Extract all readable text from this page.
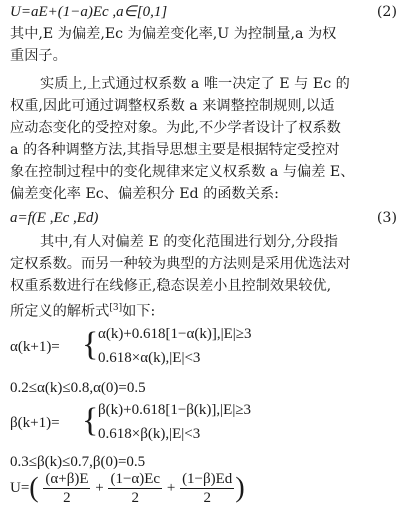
U=aE+(1−a)Ec ,a∈[0,1]	(2)
其中,E 为偏差,Ec 为偏差变化率,U 为控制量,a 为权
重因子。
实质上,上式通过权系数 a 唯一决定了 E 与 Ec 的
权重,因此可通过调整权系数 a 来调整控制规则,以适
应动态变化的受控对象。为此,不少学者设计了权系数
a 的各种调整方法,其指导思想主要是根据特定受控对
象在控制过程中的变化规律来定义权系数 a 与偏差 E、
偏差变化率 Ec、偏差积分 Ed 的函数关系:
a=f(E ,Ec ,Ed)	(3)
其中,有人对偏差 E 的变化范围进行划分,分段指
定权系数。而另一种较为典型的方法则是采用优选法对
权重系数进行在线修正,稳态误差小且控制效果较优,
所定义的解析式[3]如下:
α(k+1)= { α(k)+0.618[1−α(k)],|E|≥3
0.618×α(k),|E|<3
0.2≤α(k)≤0.8,α(0)=0.5
β(k+1)= { β(k)+0.618[1−β(k)],|E|≥3
0.618×β(k),|E|<3
0.3≤β(k)≤0.7,β(0)=0.5
$U=( \frac{(\alpha+\beta)E}{2} + \frac{(1-\alpha)Ec}{2} + \frac{(1-\beta)Ed}{2}$ )
